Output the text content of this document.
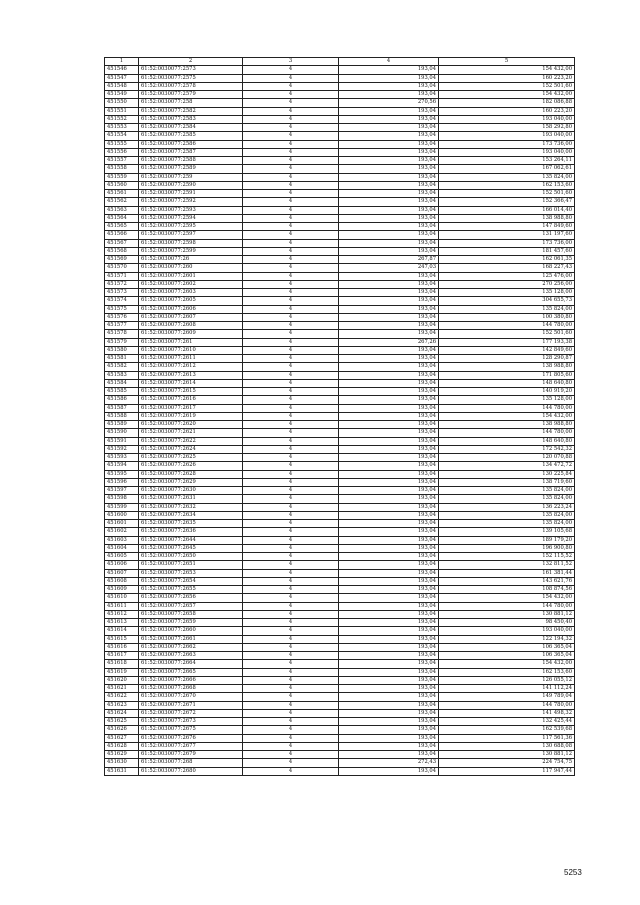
1	2	3	4	5
451546	61:52:0030077:2573	4	193,04	154 432,00
451547	61:52:0030077:2575	4	193,04	160 223,20
451548	61:52:0030077:2578	4	193,04	152 501,60
451549	61:52:0030077:2579	4	193,04	154 432,00
451550	61:52:0030077:258	4	270,56	182 086,88
451551	61:52:0030077:2582	4	193,04	160 223,20
451552	61:52:0030077:2583	4	193,04	193 040,00
451553	61:52:0030077:2584	4	193,04	158 292,80
451554	61:52:0030077:2585	4	193,04	193 040,00
451555	61:52:0030077:2586	4	193,04	173 736,00
451556	61:52:0030077:2587	4	193,04	193 040,00
451557	61:52:0030077:2588	4	193,04	153 264,11
451558	61:52:0030077:2589	4	193,04	167 062,61
451559	61:52:0030077:259	4	193,04	135 824,00
451560	61:52:0030077:2590	4	193,04	162 153,60
451561	61:52:0030077:2591	4	193,04	152 501,60
451562	61:52:0030077:2592	4	193,04	152 366,47
451563	61:52:0030077:2593	4	193,04	166 014,40
451564	61:52:0030077:2594	4	193,04	138 988,80
451565	61:52:0030077:2595	4	193,04	147 849,60
451566	61:52:0030077:2597	4	193,04	131 197,60
451567	61:52:0030077:2598	4	193,04	173 736,00
451568	61:52:0030077:2599	4	193,04	181 457,60
451569	61:52:0030077:26	4	267,87	162 061,35
451570	61:52:0030077:260	4	247,03	168 227,43
451571	61:52:0030077:2601	4	193,04	125 476,00
451572	61:52:0030077:2602	4	193,04	270 256,00
451573	61:52:0030077:2603	4	193,04	135 128,00
451574	61:52:0030077:2605	4	193,04	304 655,73
451575	61:52:0030077:2606	4	193,04	135 824,00
451576	61:52:0030077:2607	4	193,04	100 380,80
451577	61:52:0030077:2608	4	193,04	144 780,00
451578	61:52:0030077:2609	4	193,04	152 501,60
451579	61:52:0030077:261	4	267,26	177 193,38
451580	61:52:0030077:2610	4	193,04	142 849,60
451581	61:52:0030077:2611	4	193,04	128 290,87
451582	61:52:0030077:2612	4	193,04	138 988,80
451583	61:52:0030077:2613	4	193,04	171 805,60
451584	61:52:0030077:2614	4	193,04	148 640,80
451585	61:52:0030077:2615	4	193,04	140 919,20
451586	61:52:0030077:2616	4	193,04	135 128,00
451587	61:52:0030077:2617	4	193,04	144 780,00
451588	61:52:0030077:2619	4	193,04	154 432,00
451589	61:52:0030077:2620	4	193,04	138 988,80
451590	61:52:0030077:2621	4	193,04	144 780,00
451591	61:52:0030077:2622	4	193,04	148 640,80
451592	61:52:0030077:2624	4	193,04	172 542,32
451593	61:52:0030077:2625	4	193,04	120 070,88
451594	61:52:0030077:2626	4	193,04	134 472,72
451595	61:52:0030077:2628	4	193,04	130 225,84
451596	61:52:0030077:2629	4	193,04	138 719,60
451597	61:52:0030077:2630	4	193,04	135 824,00
451598	61:52:0030077:2631	4	193,04	135 824,00
451599	61:52:0030077:2632	4	193,04	136 223,24
451600	61:52:0030077:2634	4	193,04	135 824,00
451601	61:52:0030077:2635	4	193,04	135 824,00
451602	61:52:0030077:2636	4	193,04	139 105,68
451603	61:52:0030077:2644	4	193,04	189 179,20
451604	61:52:0030077:2645	4	193,04	196 900,80
451605	61:52:0030077:2650	4	193,04	152 115,52
451606	61:52:0030077:2651	4	193,04	132 811,52
451607	61:52:0030077:2653	4	193,04	161 381,44
451608	61:52:0030077:2654	4	193,04	143 621,76
451609	61:52:0030077:2655	4	193,04	108 874,56
451610	61:52:0030077:2656	4	193,04	154 432,00
451611	61:52:0030077:2657	4	193,04	144 780,00
451612	61:52:0030077:2658	4	193,04	130 881,12
451613	61:52:0030077:2659	4	193,04	98 450,40
451614	61:52:0030077:2660	4	193,04	193 040,00
451615	61:52:0030077:2661	4	193,04	122 194,32
451616	61:52:0030077:2662	4	193,04	106 365,04
451617	61:52:0030077:2663	4	193,04	106 365,04
451618	61:52:0030077:2664	4	193,04	154 432,00
451619	61:52:0030077:2665	4	193,04	162 153,60
451620	61:52:0030077:2666	4	193,04	126 055,12
451621	61:52:0030077:2668	4	193,04	141 112,24
451622	61:52:0030077:2670	4	193,04	149 789,04
451623	61:52:0030077:2671	4	193,04	144 780,00
451624	61:52:0030077:2672	4	193,04	141 498,32
451625	61:52:0030077:2673	4	193,04	132 425,44
451626	61:52:0030077:2675	4	193,04	162 539,68
451627	61:52:0030077:2676	4	193,04	117 561,36
451628	61:52:0030077:2677	4	193,04	130 688,08
451629	61:52:0030077:2679	4	193,04	130 881,12
451630	61:52:0030077:268	4	272,43	224 754,75
451631	61:52:0030077:2680	4	193,04	117 947,44
5253
